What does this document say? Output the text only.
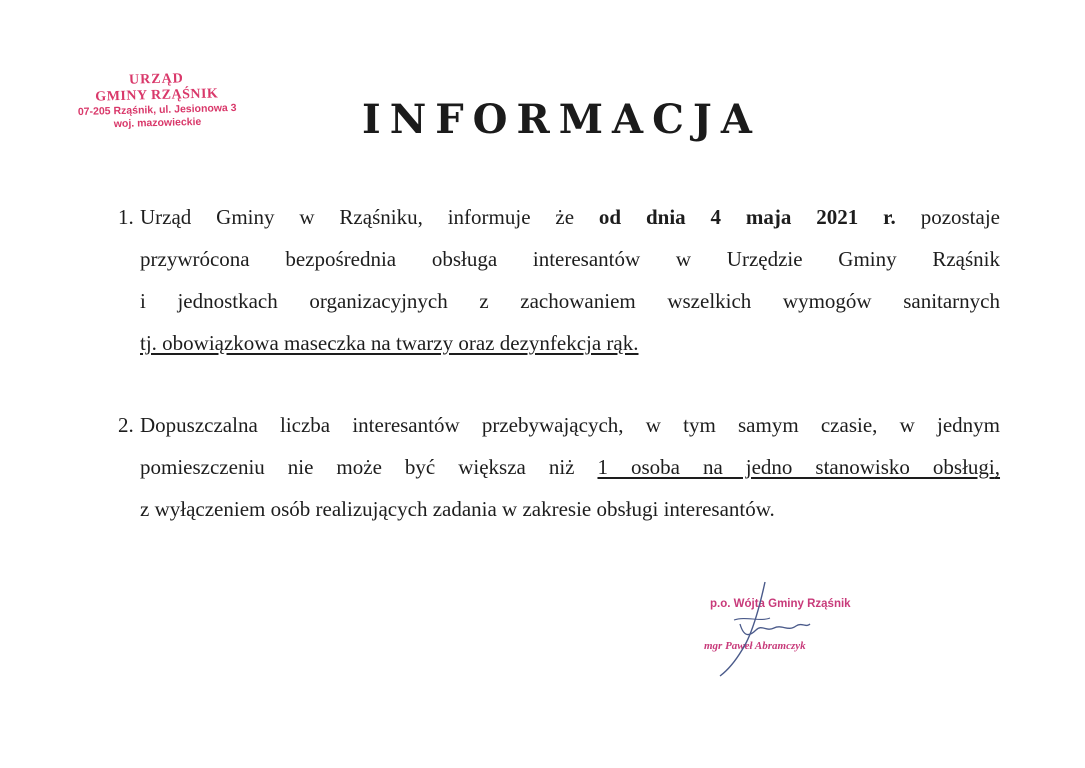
URZĄD
GMINY RZĄŚNIK
07-205 Rząśnik, ul. Jesionowa 3
woj. mazowieckie	INFORMACJA
1. Urząd Gminy w Rząśniku, informuje że od dnia 4 maja 2021 r. pozostaje
przywrócona bezpośrednia obsługa interesantów w Urzędzie Gminy Rząśnik
i jednostkach organizacyjnych z zachowaniem wszelkich wymogów sanitarnych
tj. obowiązkowa maseczka na twarzy oraz dezynfekcja rąk.
2. Dopuszczalna liczba interesantów przebywających, w tym samym czasie, w jednym
pomieszczeniu nie może być większa niż 1 osoba na jedno stanowisko obsługi,
z wyłączeniem osób realizujących zadania w zakresie obsługi interesantów.
p.o. Wójta Gminy Rząśnik
mgr Paweł Abramczyk
